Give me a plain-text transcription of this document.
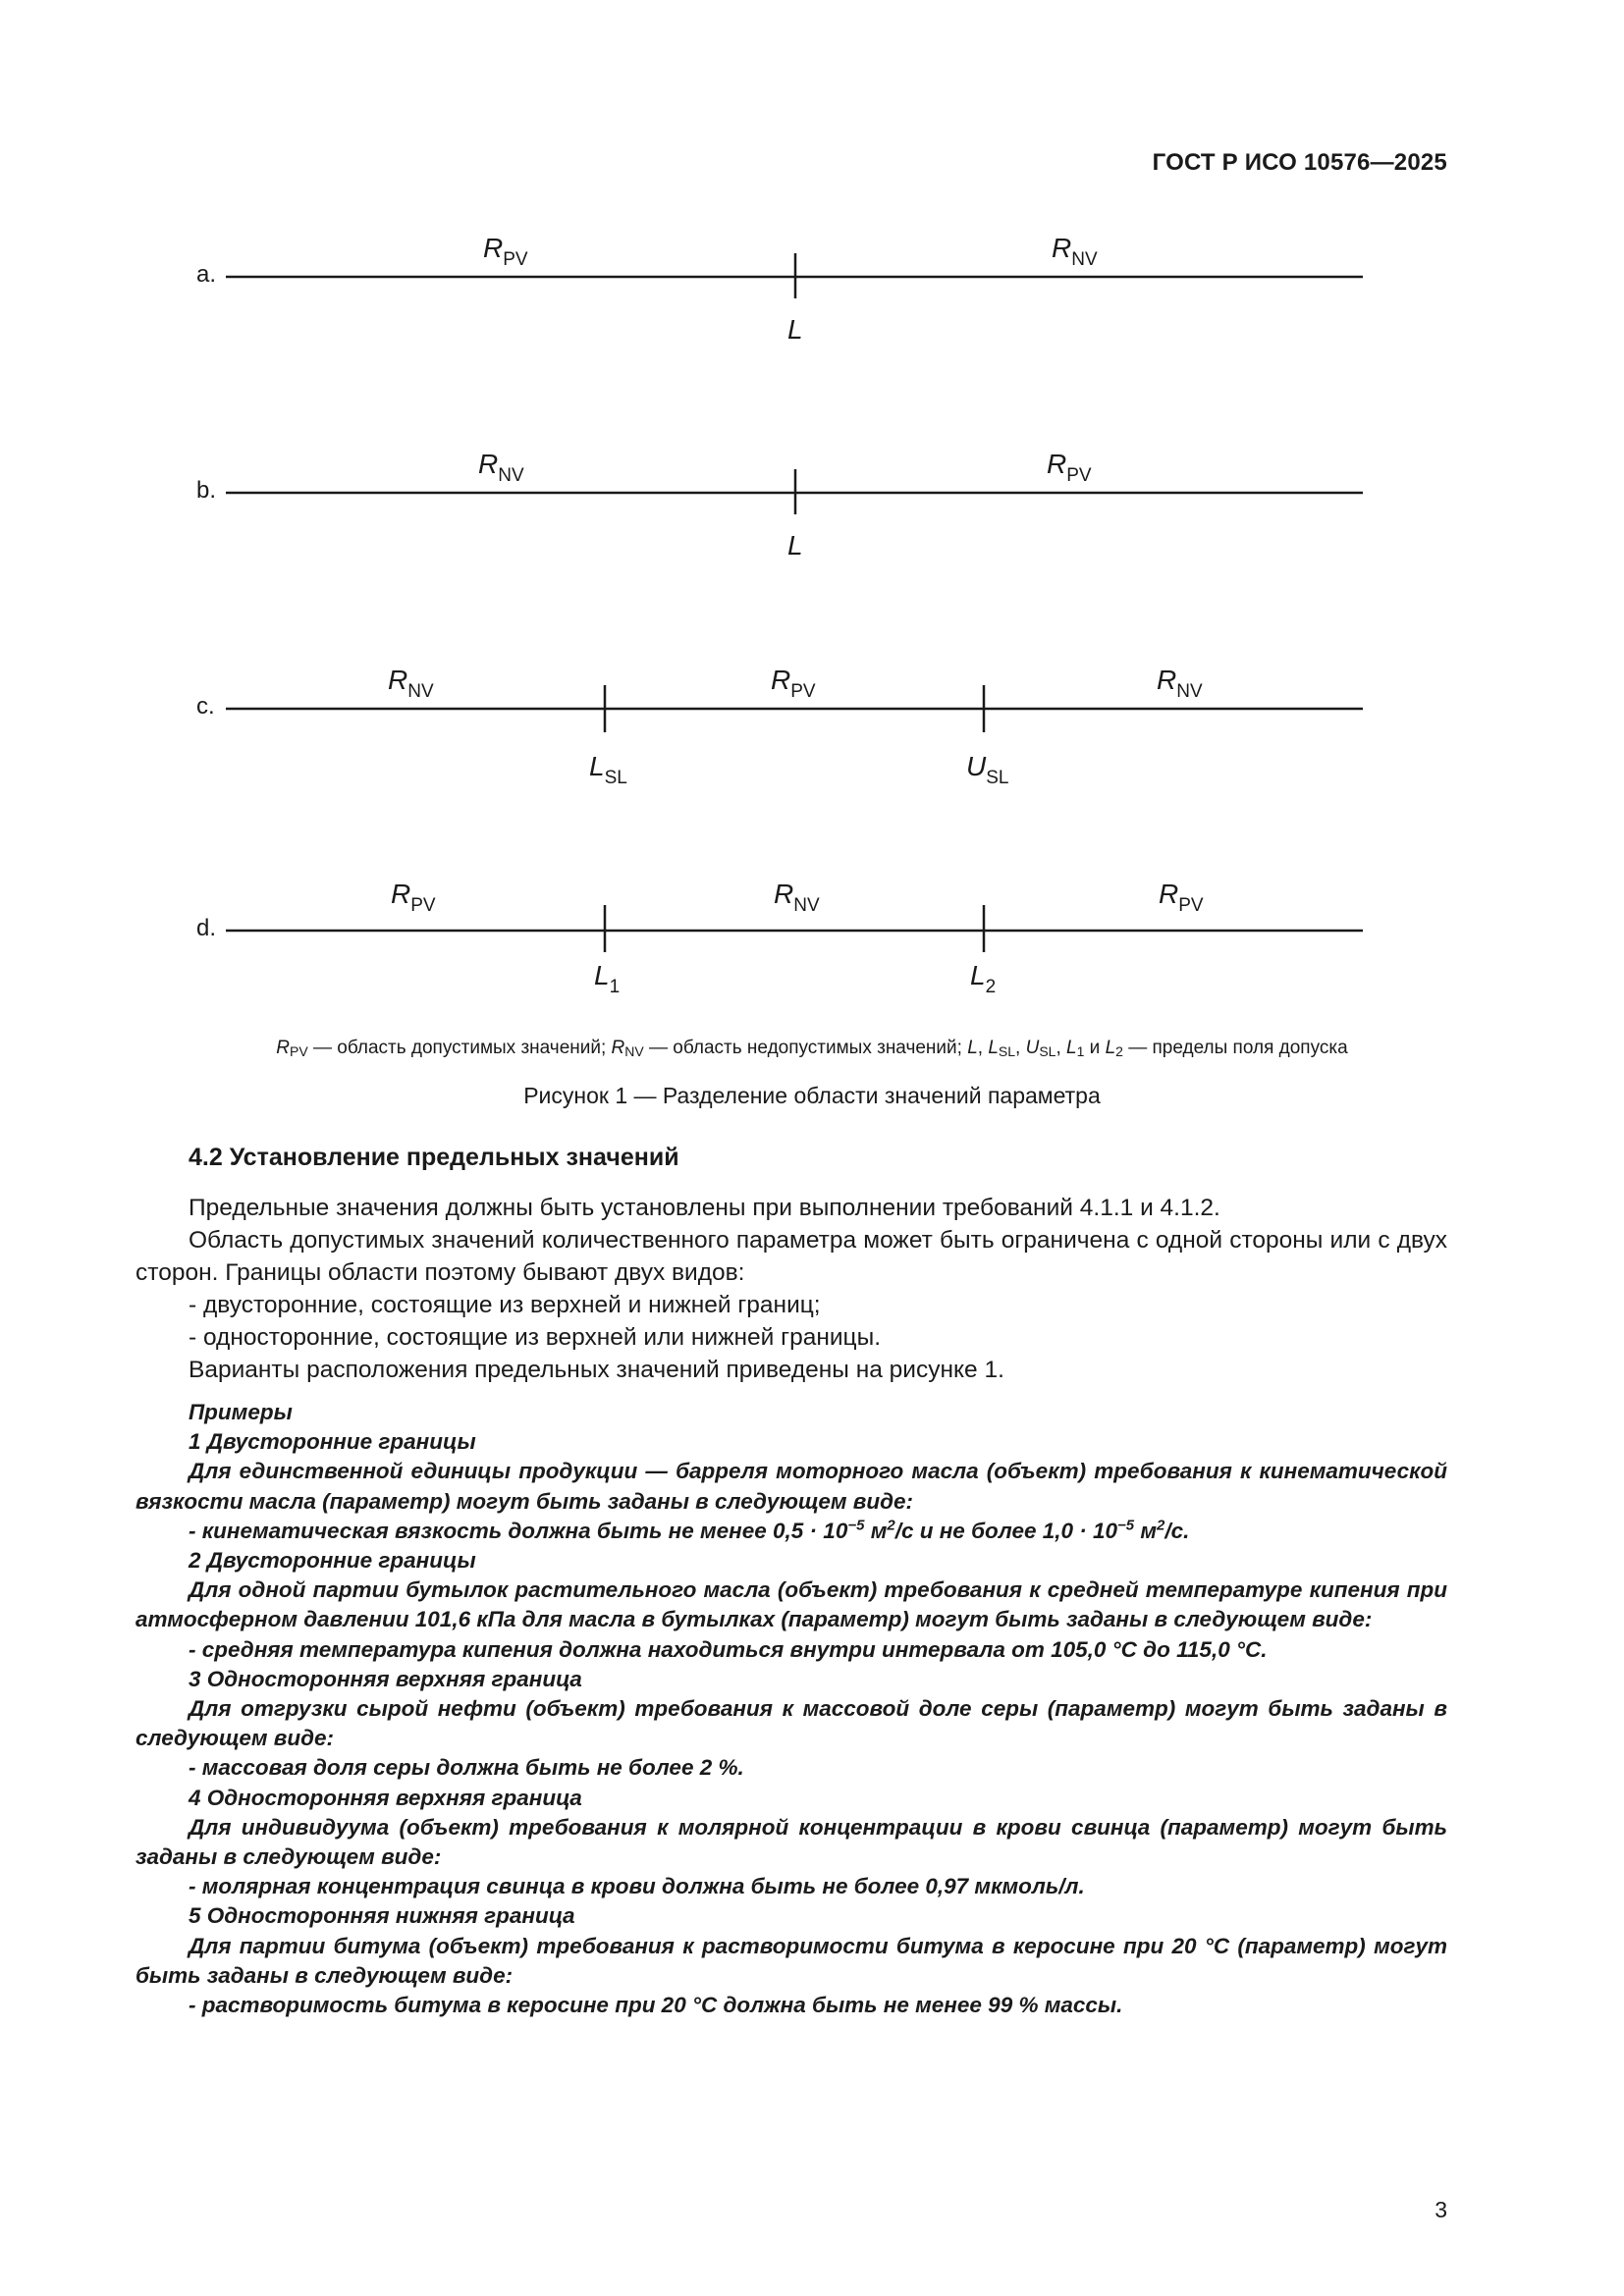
ГОСТ Р ИСО 10576—2025
a.
$R_{PV}$	$R_{NV}$
L
b.
$R_{NV}$	$R_{PV}$
L
c.
$R_{NV}$	$R_{PV}$	$R_{NV}$
$L_{SL}$	$U_{SL}$
d.
$R_{PV}$	$R_{NV}$	$R_{PV}$
$L_1$	$L_2$
$R_{PV}$ — область допустимых значений; $R_{NV}$ — область недопустимых значений; L, $L_{SL}$, $U_{SL}$, $L_1$ и $L_2$ — пределы поля допуска
Рисунок 1 — Разделение области значений параметра
4.2 Установление предельных значений

Предельные значения должны быть установлены при выполнении требований 4.1.1 и 4.1.2.

Область допустимых значений количественного параметра может быть ограничена с одной стороны или с двух сторон. Границы области поэтому бывают двух видов:

- двусторонние, состоящие из верхней и нижней границ;

- односторонние, состоящие из верхней или нижней границы.

Варианты расположения предельных значений приведены на рисунке 1.

Примеры

1 Двусторонние границы

Для единственной единицы продукции — барреля моторного масла (объект) требования к кинематической вязкости масла (параметр) могут быть заданы в следующем виде:

- кинематическая вязкость должна быть не менее $0,5 \cdot 10^{-5}$ $м^2/с$ и не более $1,0 \cdot 10^{-5}$ $м^2/с$.

2 Двусторонние границы

Для одной партии бутылок растительного масла (объект) требования к средней температуре кипения при атмосферном давлении 101,6 кПа для масла в бутылках (параметр) могут быть заданы в следующем виде:

- средняя температура кипения должна находиться внутри интервала от 105,0 °С до 115,0 °С.

3 Односторонняя верхняя граница

Для отгрузки сырой нефти (объект) требования к массовой доле серы (параметр) могут быть заданы в следующем виде:

- массовая доля серы должна быть не более 2 %.

4 Односторонняя верхняя граница

Для индивидуума (объект) требования к молярной концентрации в крови свинца (параметр) могут быть заданы в следующем виде:

- молярная концентрация свинца в крови должна быть не более 0,97 мкмоль/л.

5 Односторонняя нижняя граница

Для партии битума (объект) требования к растворимости битума в керосине при 20 °С (параметр) могут быть заданы в следующем виде:

- растворимость битума в керосине при 20 °С должна быть не менее 99 % массы.

3
